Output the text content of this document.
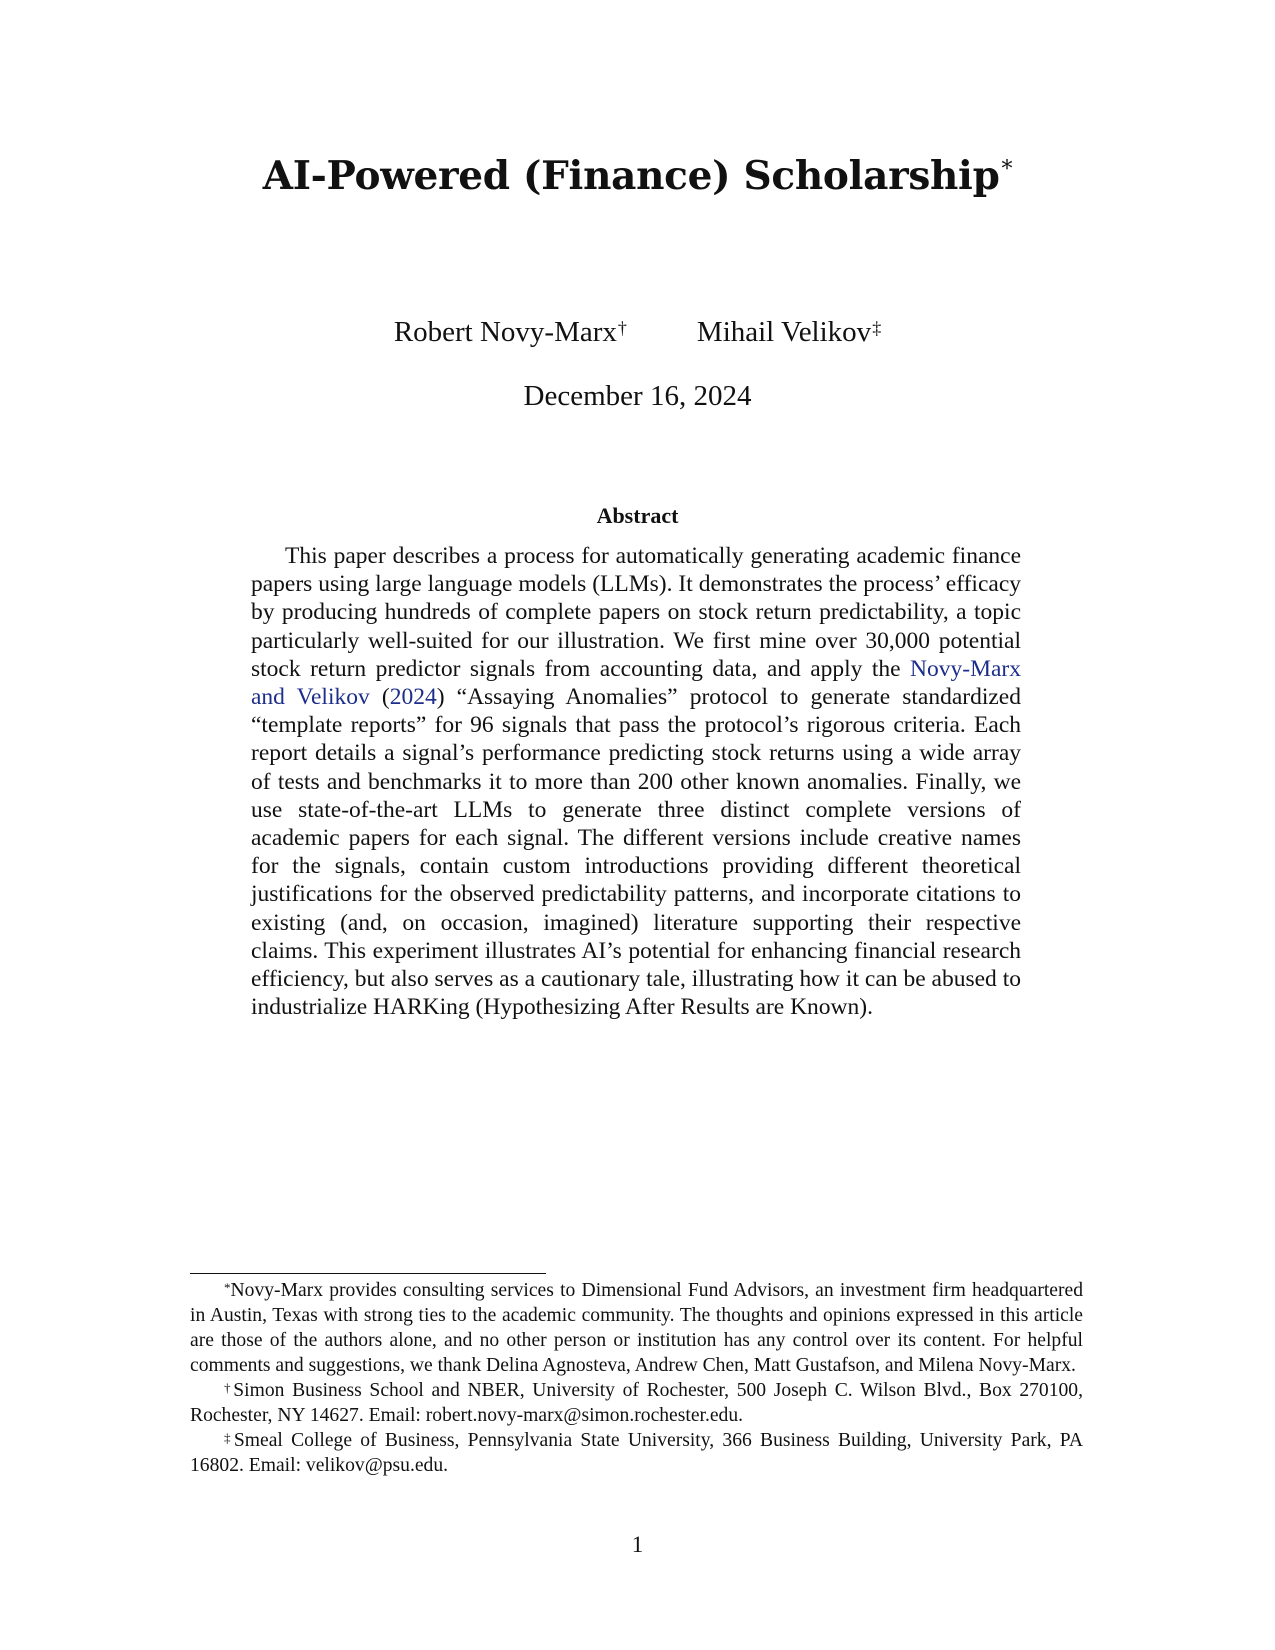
AI-Powered (Finance) Scholarship*
Robert Novy-Marx† Mihail Velikov‡
December 16, 2024
Abstract
This paper describes a process for automatically generating academic finance papers using large language models (LLMs). It demonstrates the process’ efficacy by producing hundreds of complete papers on stock return predictability, a topic particularly well-suited for our illustration. We first mine over 30,000 potential stock return predictor signals from accounting data, and apply the Novy-Marx and Velikov (2024) “Assaying Anomalies” protocol to generate standardized “template reports” for 96 signals that pass the protocol’s rigorous criteria. Each report details a signal’s performance predicting stock returns using a wide array of tests and benchmarks it to more than 200 other known anomalies. Finally, we use state-of-the-art LLMs to generate three distinct complete versions of academic papers for each signal. The different versions include creative names for the signals, contain custom introductions providing different theoretical justifications for the observed predictability patterns, and incorporate citations to existing (and, on occasion, imagined) literature supporting their respective claims. This experiment illustrates AI’s potential for enhancing financial research efficiency, but also serves as a cautionary tale, illustrating how it can be abused to industrialize HARKing (Hypothesizing After Results are Known).

*Novy-Marx provides consulting services to Dimensional Fund Advisors, an investment firm headquartered in Austin, Texas with strong ties to the academic community. The thoughts and opinions expressed in this article are those of the authors alone, and no other person or institution has any control over its content. For helpful comments and suggestions, we thank Delina Agnosteva, Andrew Chen, Matt Gustafson, and Milena Novy-Marx.

†Simon Business School and NBER, University of Rochester, 500 Joseph C. Wilson Blvd., Box 270100, Rochester, NY 14627. Email: robert.novy-marx@simon.rochester.edu.

‡Smeal College of Business, Pennsylvania State University, 366 Business Building, University Park, PA 16802. Email: velikov@psu.edu.

1
